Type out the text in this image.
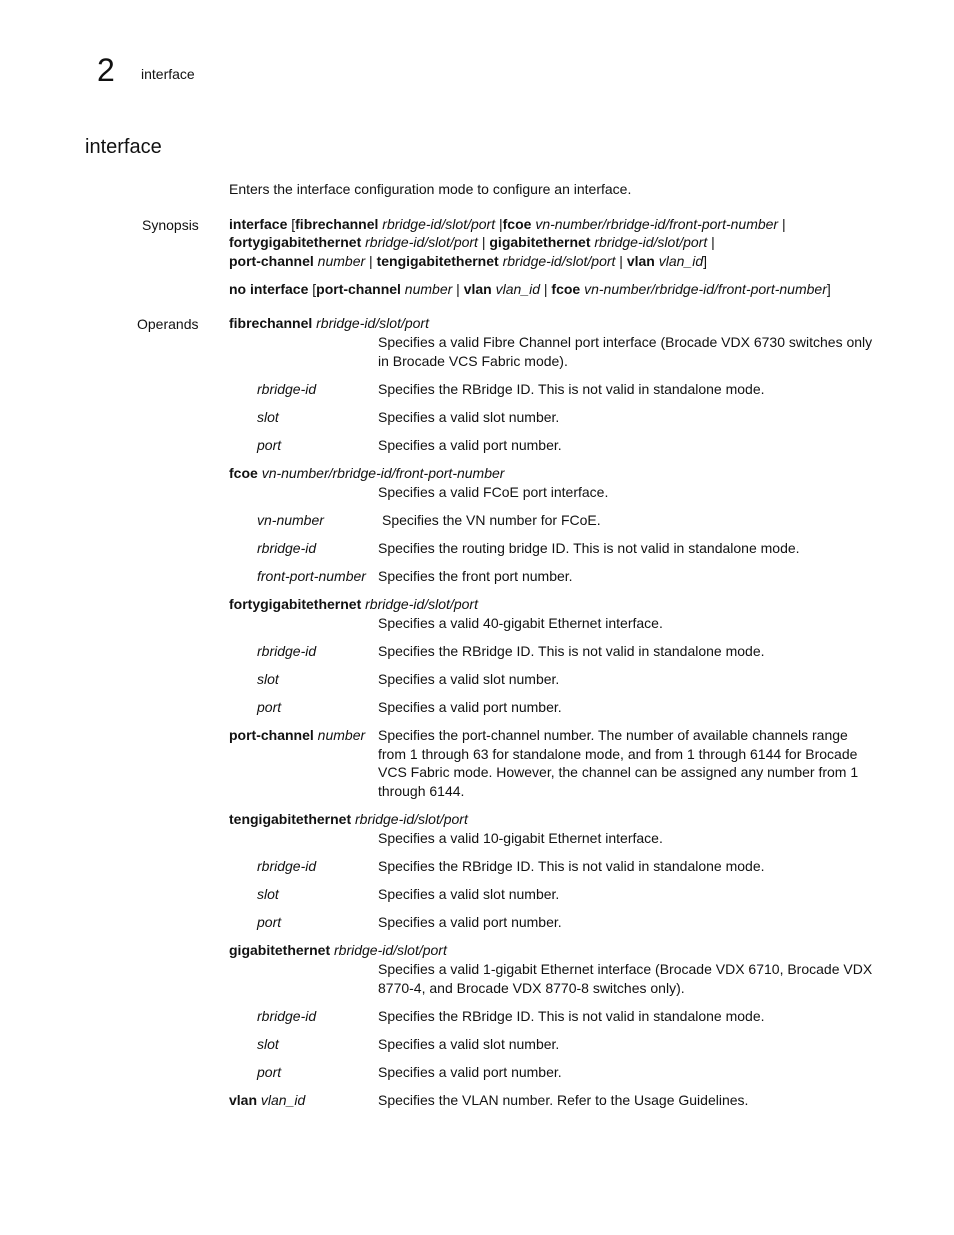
2 interface
interface
Enters the interface configuration mode to configure an interface.
Synopsis interface [fibrechannel rbridge-id/slot/port |fcoe vn-number/rbridge-id/front-port-number |
fortygigabitethernet rbridge-id/slot/port | gigabitethernet rbridge-id/slot/port |
port-channel number | tengigabitethernet rbridge-id/slot/port | vlan vlan_id]
no interface [port-channel number | vlan vlan_id | fcoe vn-number/rbridge-id/front-port-number]
Operands fibrechannel rbridge-id/slot/port
Specifies a valid Fibre Channel port interface (Brocade VDX 6730 switches only in Brocade VCS Fabric mode).
rbridge-id	Specifies the RBridge ID. This is not valid in standalone mode.
slot	Specifies a valid slot number.
port	Specifies a valid port number.
fcoe vn-number/rbridge-id/front-port-number
Specifies a valid FCoE port interface.
vn-number	Specifies the VN number for FCoE.
rbridge-id	Specifies the routing bridge ID. This is not valid in standalone mode.
front-port-number Specifies the front port number.
fortygigabitethernet rbridge-id/slot/port
Specifies a valid 40-gigabit Ethernet interface.
rbridge-id	Specifies the RBridge ID. This is not valid in standalone mode.
slot	Specifies a valid slot number.
port	Specifies a valid port number.
port-channel number Specifies the port-channel number. The number of available channels range from 1 through 63 for standalone mode, and from 1 through 6144 for Brocade VCS Fabric mode. However, the channel can be assigned any number from 1 through 6144.
tengigabitethernet rbridge-id/slot/port
Specifies a valid 10-gigabit Ethernet interface.
rbridge-id	Specifies the RBridge ID. This is not valid in standalone mode.
slot	Specifies a valid slot number.
port	Specifies a valid port number.
gigabitethernet rbridge-id/slot/port
Specifies a valid 1-gigabit Ethernet interface (Brocade VDX 6710, Brocade VDX 8770-4, and Brocade VDX 8770-8 switches only).
rbridge-id	Specifies the RBridge ID. This is not valid in standalone mode.
slot	Specifies a valid slot number.
port	Specifies a valid port number.
vlan vlan_id	Specifies the VLAN number. Refer to the Usage Guidelines.
